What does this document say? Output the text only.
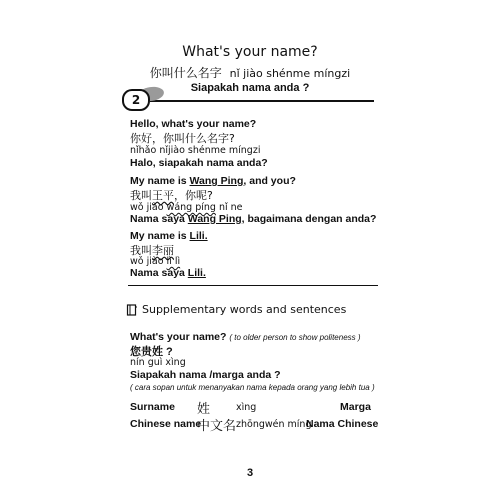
What's your name?
你叫什么名字 nǐ jiào shénme míngzi
Siapakah nama anda ?
2
Hello, what's your name?
你好，你叫什么名字?
nǐhǎo nǐjiào shénme míngzi
Halo, siapakah nama anda?
My name is Wang Ping, and you?
我叫王平，你呢?
wǒ jiào wáng píng nǐ ne
Nama saya Wang Ping, bagaimana dengan anda?
My name is Lili.
我叫李丽
wǒ jiào lì lì
Nama saya Lili.
Supplementary words and sentences
What's your name? ( to older person to show politeness )
您贵姓 ?
nín guì xìng
Siapakah nama /marga anda ?
( cara sopan untuk menanyakan nama kepada orang yang lebih tua )
Surname 姓	xìng	Marga
Chinese name
中文名 zhōngwén míng
Nama Chinese
3
